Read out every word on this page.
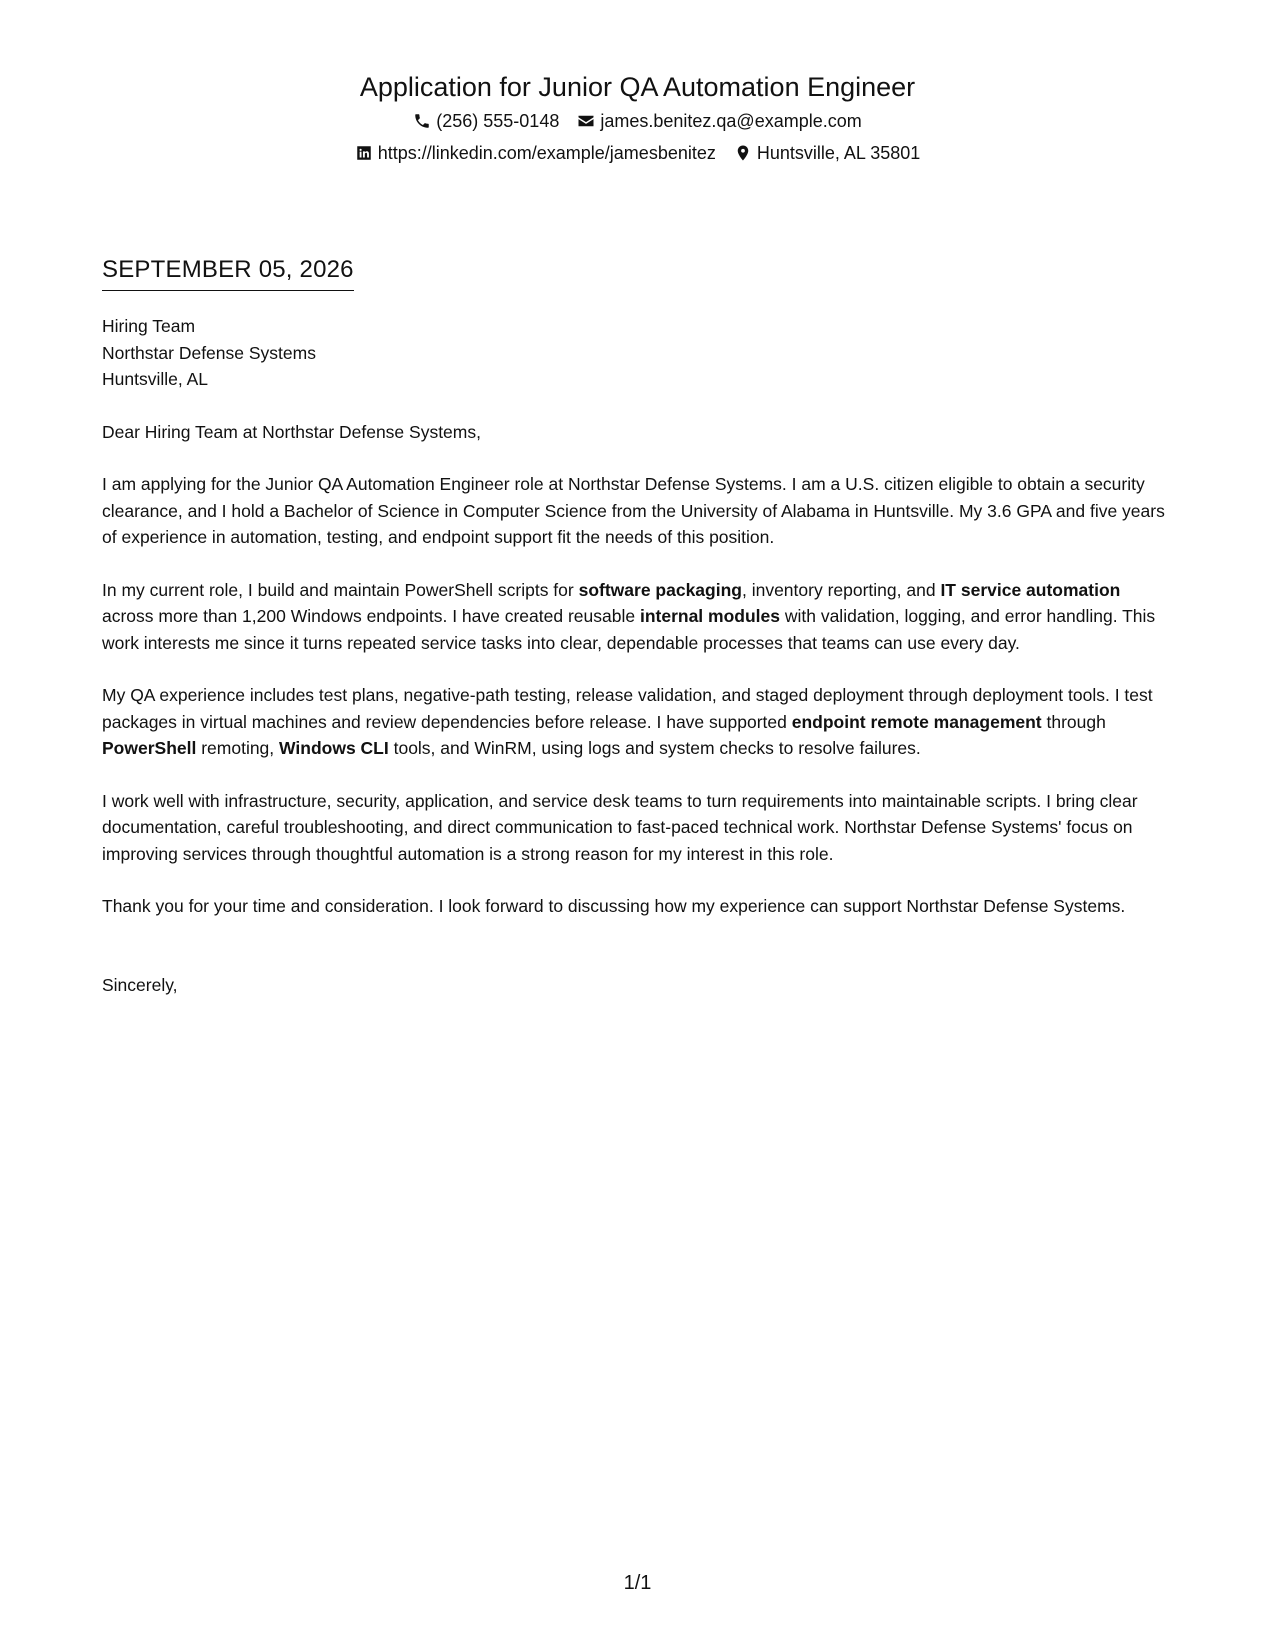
Application for Junior QA Automation Engineer
(256) 555-0148 james.benitez.qa@example.com
https://linkedin.com/example/jamesbenitez Huntsville, AL 35801
SEPTEMBER 05, 2026
Hiring Team
Northstar Defense Systems
Huntsville, AL
Dear Hiring Team at Northstar Defense Systems,

I am applying for the Junior QA Automation Engineer role at Northstar Defense Systems. I am a U.S. citizen eligible to obtain a security clearance, and I hold a Bachelor of Science in Computer Science from the University of Alabama in Huntsville. My 3.6 GPA and five years of experience in automation, testing, and endpoint support fit the needs of this position.

In my current role, I build and maintain PowerShell scripts for software packaging, inventory reporting, and IT service automation across more than 1,200 Windows endpoints. I have created reusable internal modules with validation, logging, and error handling. This work interests me since it turns repeated service tasks into clear, dependable processes that teams can use every day.

My QA experience includes test plans, negative-path testing, release validation, and staged deployment through deployment tools. I test packages in virtual machines and review dependencies before release. I have supported endpoint remote management through PowerShell remoting, Windows CLI tools, and WinRM, using logs and system checks to resolve failures.

I work well with infrastructure, security, application, and service desk teams to turn requirements into maintainable scripts. I bring clear documentation, careful troubleshooting, and direct communication to fast-paced technical work. Northstar Defense Systems' focus on improving services through thoughtful automation is a strong reason for my interest in this role.

Thank you for your time and consideration. I look forward to discussing how my experience can support Northstar Defense Systems.

Sincerely,
1/1
